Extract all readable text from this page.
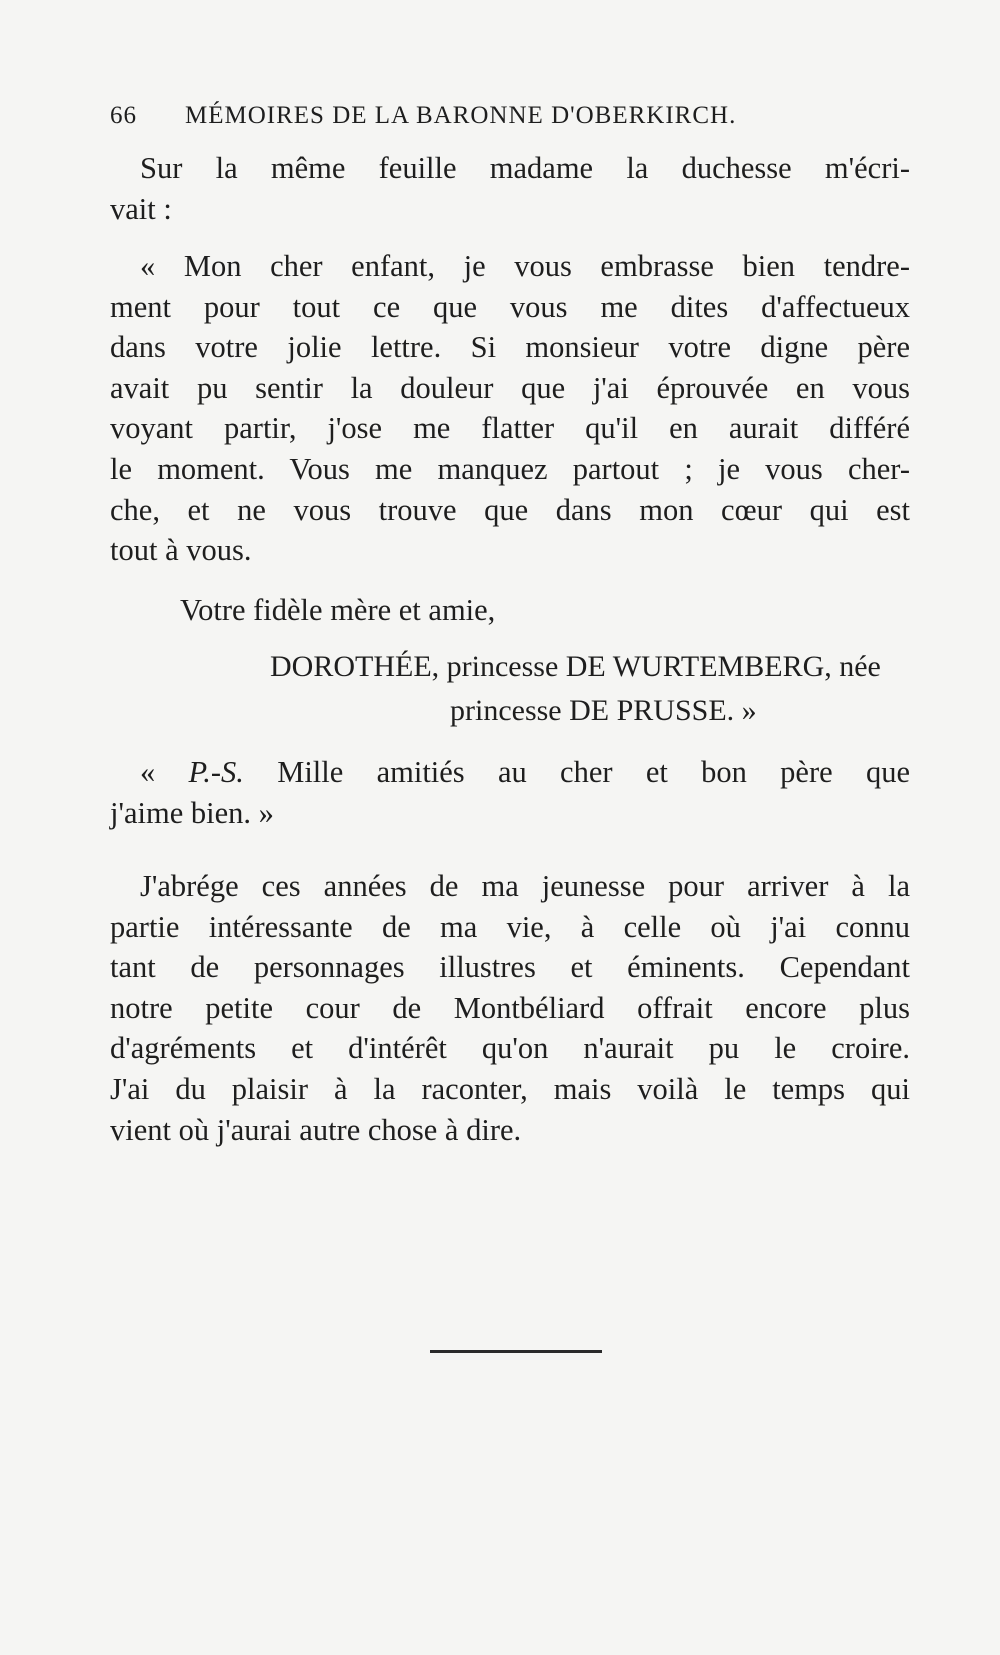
66 MÉMOIRES DE LA BARONNE D'OBERKIRCH.
Sur la même feuille madame la duchesse m'écri-
vait :
« Mon cher enfant, je vous embrasse bien tendre-
ment pour tout ce que vous me dites d'affectueux
dans votre jolie lettre. Si monsieur votre digne père
avait pu sentir la douleur que j'ai éprouvée en vous
voyant partir, j'ose me flatter qu'il en aurait différé
le moment. Vous me manquez partout ; je vous cher-
che, et ne vous trouve que dans mon cœur qui est
tout à vous.
Votre fidèle mère et amie,
DOROTHÉE, princesse DE WURTEMBERG, née
princesse DE PRUSSE. »
« P.-S. Mille amitiés au cher et bon père que
j'aime bien. »
J'abrége ces années de ma jeunesse pour arriver à la
partie intéressante de ma vie, à celle où j'ai connu
tant de personnages illustres et éminents. Cependant
notre petite cour de Montbéliard offrait encore plus
d'agréments et d'intérêt qu'on n'aurait pu le croire.
J'ai du plaisir à la raconter, mais voilà le temps qui
vient où j'aurai autre chose à dire.
